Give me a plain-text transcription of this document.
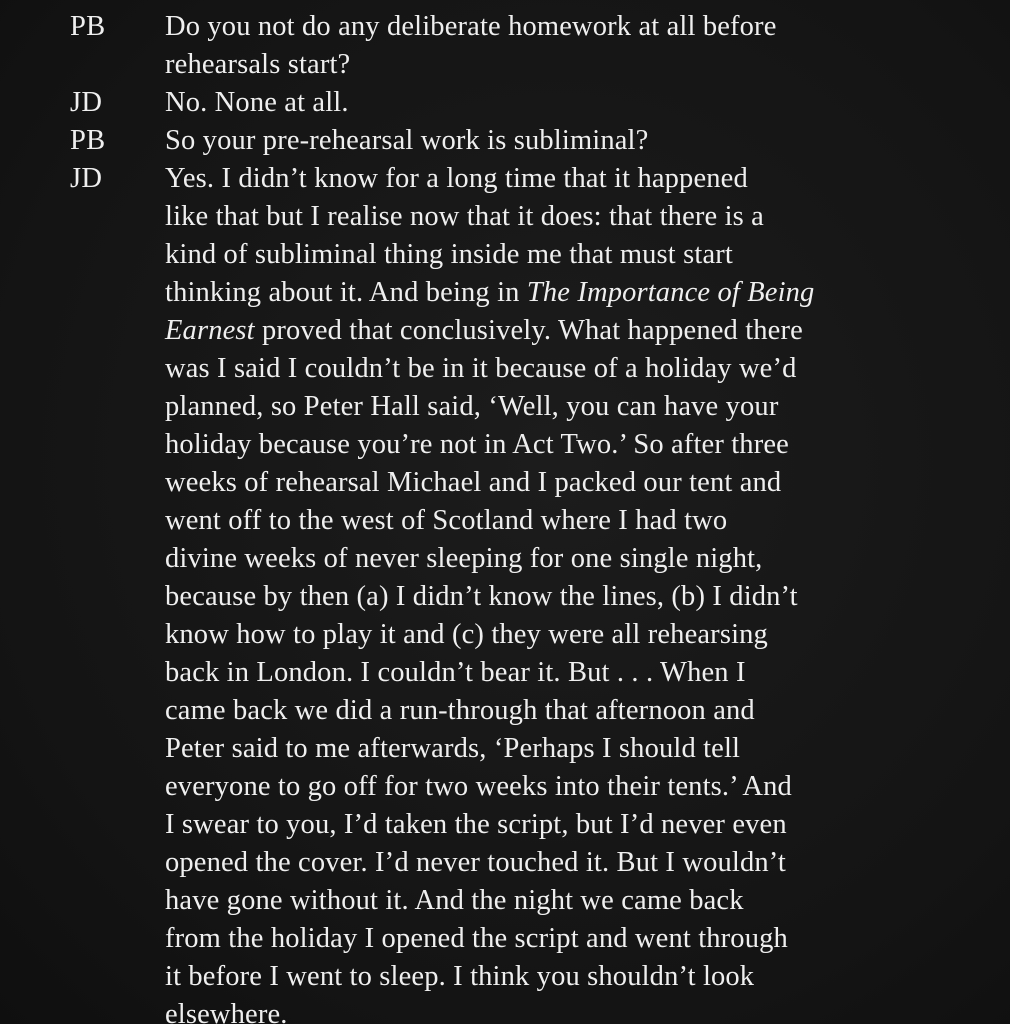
PB	Do you not do any deliberate homework at all before
rehearsals start?
JD	No. None at all.
PB	So your pre-rehearsal work is subliminal?
JD	Yes. I didn’t know for a long time that it happened
like that but I realise now that it does: that there is a
kind of subliminal thing inside me that must start
thinking about it. And being in The Importance of Being
Earnest proved that conclusively. What happened there
was I said I couldn’t be in it because of a holiday we’d
planned, so Peter Hall said, ‘Well, you can have your
holiday because you’re not in Act Two.’ So after three
weeks of rehearsal Michael and I packed our tent and
went off to the west of Scotland where I had two
divine weeks of never sleeping for one single night,
because by then (a) I didn’t know the lines, (b) I didn’t
know how to play it and (c) they were all rehearsing
back in London. I couldn’t bear it. But . . . When I
came back we did a run-through that afternoon and
Peter said to me afterwards, ‘Perhaps I should tell
everyone to go off for two weeks into their tents.’ And
I swear to you, I’d taken the script, but I’d never even
opened the cover. I’d never touched it. But I wouldn’t
have gone without it. And the night we came back
from the holiday I opened the script and went through
it before I went to sleep. I think you shouldn’t look
elsewhere.
